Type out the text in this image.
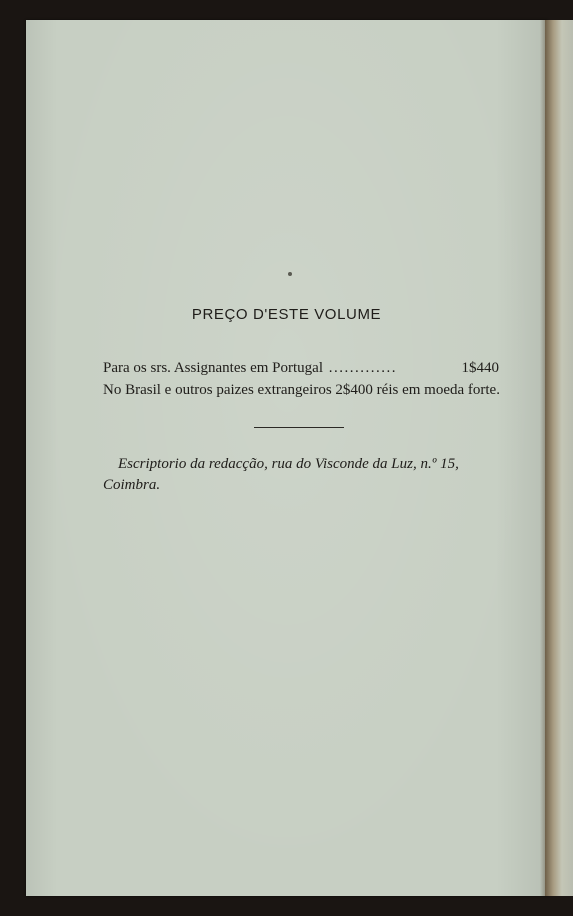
PREÇO D'ESTE VOLUME
Para os srs. Assignantes em Portugal .............	1$440
No Brasil e outros paizes extrangeiros 2$400 réis em moeda forte.
Escriptorio da redacção, rua do Visconde da Luz, n.º 15,
Coimbra.
